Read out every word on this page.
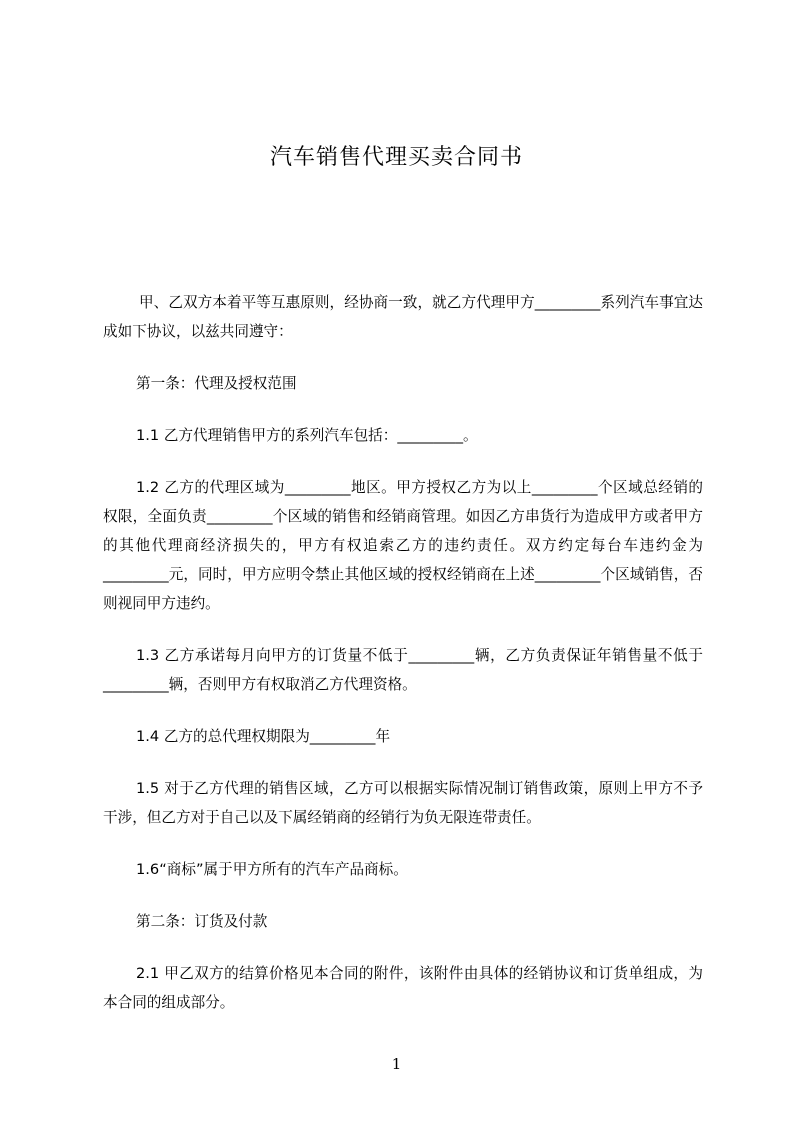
汽车销售代理买卖合同书

甲、乙双方本着平等互惠原则，经协商一致，就乙方代理甲方_________系列汽车事宜达成如下协议，以兹共同遵守：

第一条：代理及授权范围

1.1 乙方代理销售甲方的系列汽车包括：_________。

1.2 乙方的代理区域为_________地区。甲方授权乙方为以上_________个区域总经销的权限，全面负责_________个区域的销售和经销商管理。如因乙方串货行为造成甲方或者甲方的其他代理商经济损失的，甲方有权追索乙方的违约责任。双方约定每台车违约金为_________元，同时，甲方应明令禁止其他区域的授权经销商在上述_________个区域销售，否则视同甲方违约。

1.3 乙方承诺每月向甲方的订货量不低于_________辆，乙方负责保证年销售量不低于_________辆，否则甲方有权取消乙方代理资格。

1.4 乙方的总代理权期限为_________年

1.5 对于乙方代理的销售区域，乙方可以根据实际情况制订销售政策，原则上甲方不予干涉，但乙方对于自己以及下属经销商的经销行为负无限连带责任。

1.6“商标”属于甲方所有的汽车产品商标。

第二条：订货及付款

2.1 甲乙双方的结算价格见本合同的附件，该附件由具体的经销协议和订货单组成，为本合同的组成部分。

1
